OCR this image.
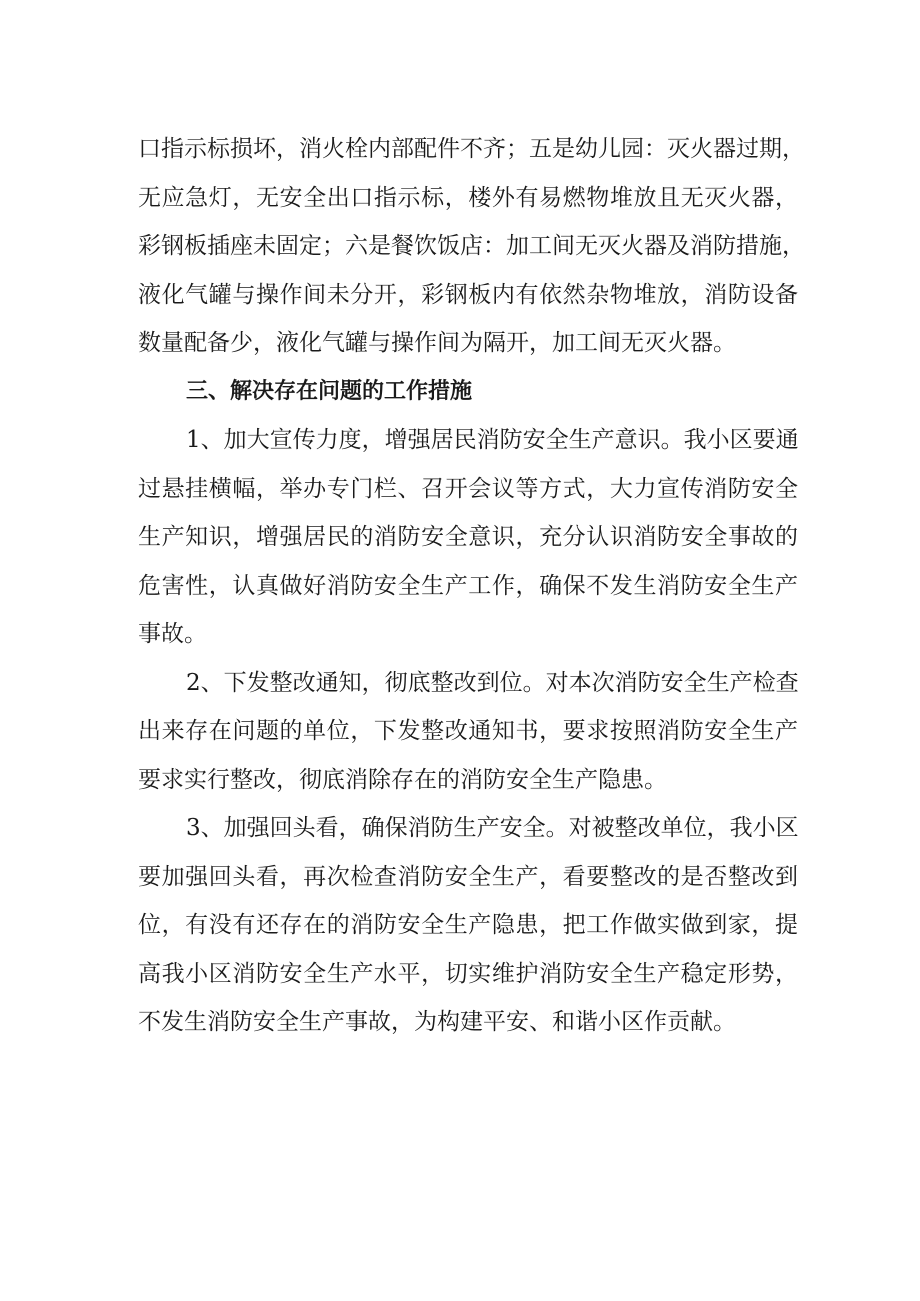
口指示标损坏，消火栓内部配件不齐；五是幼儿园：灭火器过期，
无应急灯，无安全出口指示标，楼外有易燃物堆放且无灭火器，
彩钢板插座未固定；六是餐饮饭店：加工间无灭火器及消防措施，
液化气罐与操作间未分开，彩钢板内有依然杂物堆放，消防设备
数量配备少，液化气罐与操作间为隔开，加工间无灭火器。
三、解决存在问题的工作措施
1、加大宣传力度，增强居民消防安全生产意识。我小区要通
过悬挂横幅，举办专门栏、召开会议等方式，大力宣传消防安全
生产知识，增强居民的消防安全意识，充分认识消防安全事故的
危害性，认真做好消防安全生产工作，确保不发生消防安全生产
事故。
2、下发整改通知，彻底整改到位。对本次消防安全生产检查
出来存在问题的单位，下发整改通知书，要求按照消防安全生产
要求实行整改，彻底消除存在的消防安全生产隐患。
3、加强回头看，确保消防生产安全。对被整改单位，我小区
要加强回头看，再次检查消防安全生产，看要整改的是否整改到
位，有没有还存在的消防安全生产隐患，把工作做实做到家，提
高我小区消防安全生产水平，切实维护消防安全生产稳定形势，
不发生消防安全生产事故，为构建平安、和谐小区作贡献。
